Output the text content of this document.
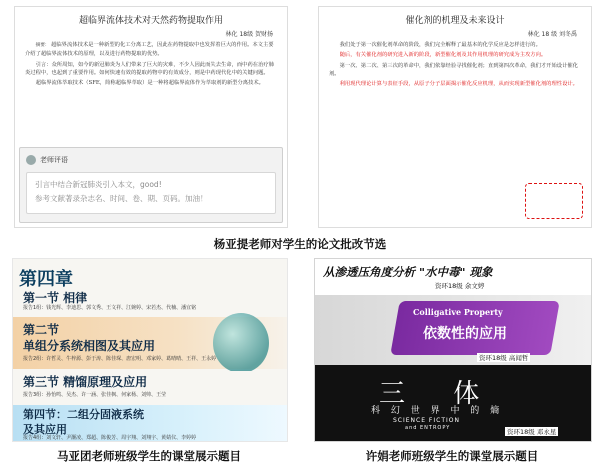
超临界流体技术对天然药物提取作用
林化 18级 贺财扬
摘要： 超临界流体技术是一种新型的化工分离工艺，因此在药物提取中也发挥着巨大的作用。本文主要介绍了超临界流体技术的原理，以及进行药物提取的优势。
引言：众所周知，如今的新冠肺炎为人们带来了巨大的灾难，不少人因此而失去生命，而中药在治疗肺炎过程中，也起到了重要作用。如何快速有效的提取药物中的有效成分，则是中药现代化中的关键问题。
超临界流体萃取技术（SFE，简称超临界萃取）是一种将超临界流体作为萃取剂的新型分离技术。
老师评语
引言中结合新冠肺炎引入本文，good!
参考文献著录杂志名、时间、卷、期、页码。加油！
催化剂的机理及未来设计
林化 18 级 刘冬禹
我们处于第一次催化剂革命的阶段，我们完全解释了最基本的化学反应是怎样进行的。
随后，有关催化剂的研究进入新的阶段，新型催化剂及其作用机理的研究成为主攻方向。
第一次、第二次、第三次的革命中，我们依靠经验寻找催化剂；直到第四次革命，我们才开始设计催化剂。
利用现代理论计算与表征手段，从原子分子层面揭示催化反应机理，从而实现新型催化剂的理性设计。
杨亚提老师对学生的论文批改节选
第四章
第一节 相律
报告1组：钱光辉、李迪思、郭文秀、王文祥、江婉婷、宋若杰、代楠、潘宜铭
第二节
单组分系统相图及其应用
报告2组：许哲灵、牛梓源、彭于涛、陈佳琛、唐宏明、邓家婷、葛晴晴、王祥、王永婷
第三节 精馏原理及应用
报告3组：孙怡鸣、吴杰、许一涵、张佳枫、何家杨、刘帅、王莹
第四节：二组分固液系统
及其应用
报告4组：刘文轩、尹灏凌、郑超、陈俊芳、周宇翔、刘翔宇、黄婧仪、李婷婷
马亚团老师班级学生的课堂展示题目
从渗透压角度分析 "水中毒" 现象
资环18级 余文婷
Colligative Property
依数性的应用
资环18级 高闻哲
三 体
科 幻 世 界 中 的 熵
SCIENCE FICTION
and ENTROPY	资环18级 邓永星
许娟老师班级学生的课堂展示题目
